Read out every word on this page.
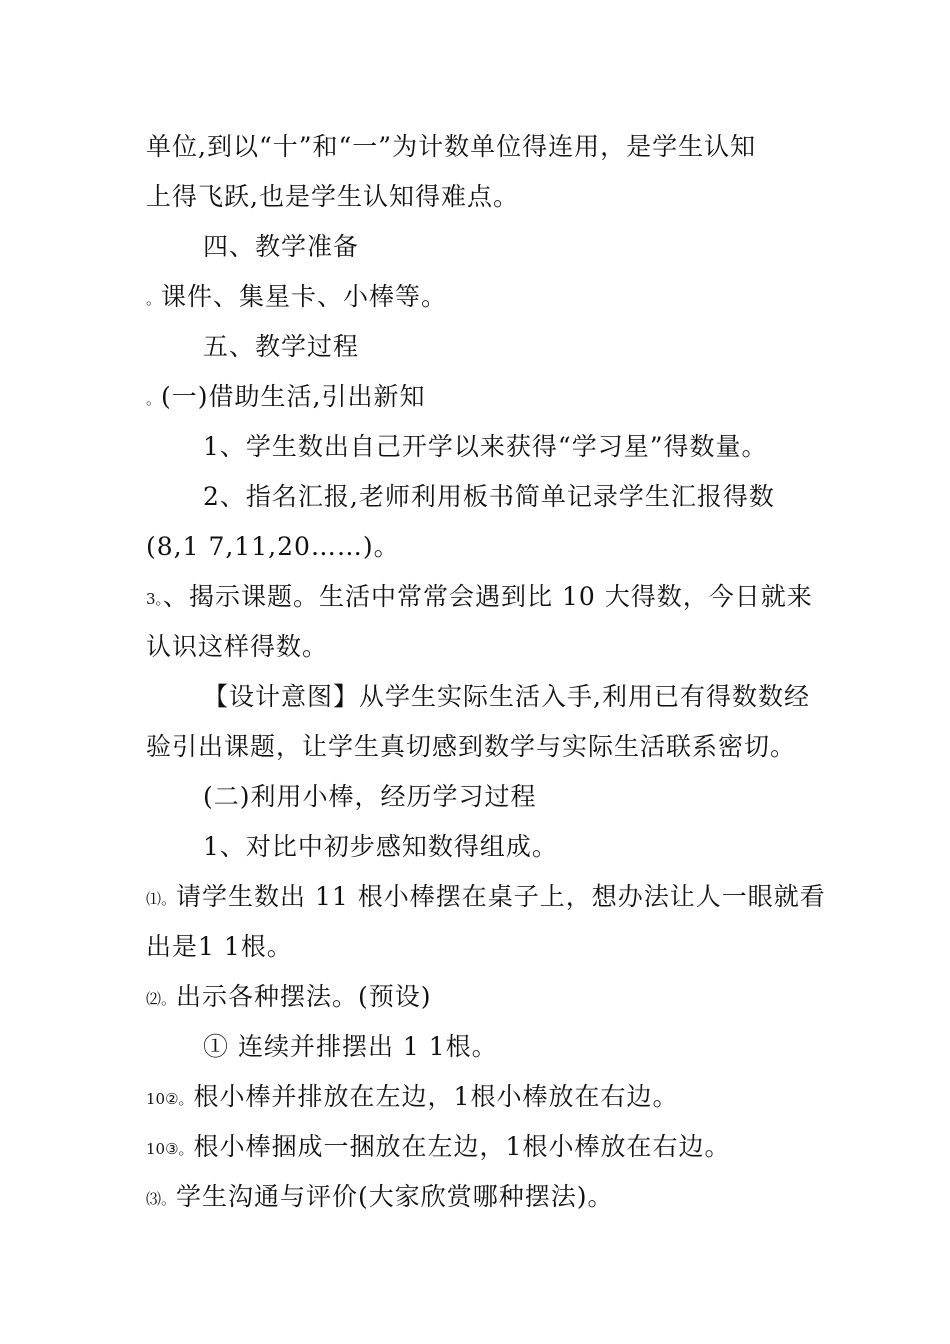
单位,到以“十”和“一”为计数单位得连用，是学生认知
上得飞跃,也是学生认知得难点。
四、教学准备
。课件、集星卡、小棒等。
五、教学过程
。(一)借助生活,引出新知
1、学生数出自己开学以来获得“学习星”得数量。
2、指名汇报,老师利用板书简单记录学生汇报得数
(8,1 7,11,20……)。
3。、揭示课题。生活中常常会遇到比 10 大得数，今日就来
认识这样得数。
【设计意图】从学生实际生活入手,利用已有得数数经
验引出课题，让学生真切感到数学与实际生活联系密切。
(二)利用小棒，经历学习过程
1、对比中初步感知数得组成。
⑴。请学生数出 11 根小棒摆在桌子上，想办法让人一眼就看
出是1 1根。
⑵。出示各种摆法。(预设)
① 连续并排摆出 1 1根。
10②。根小棒并排放在左边，1根小棒放在右边。
10③。根小棒捆成一捆放在左边，1根小棒放在右边。
⑶。学生沟通与评价(大家欣赏哪种摆法)。
